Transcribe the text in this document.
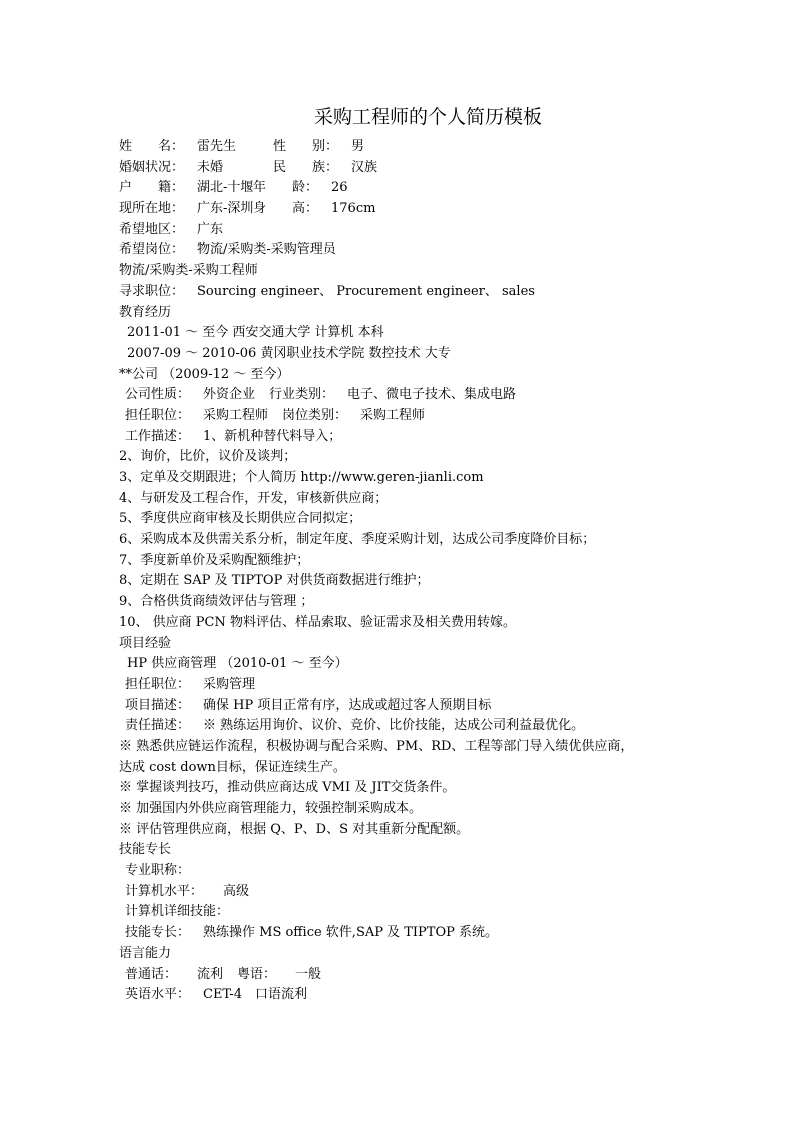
采购工程师的个人简历模板
姓　　名： 雷先生	性　　别： 男
婚姻状况： 未婚	民　　族： 汉族
户　　籍： 湖北-十堰年　　龄： 26
现所在地： 广东-深圳身　　高： 176cm
希望地区： 广东
希望岗位： 物流/采购类-采购管理员
物流/采购类-采购工程师
寻求职位： Sourcing engineer、 Procurement engineer、 sales
教育经历
2011-01 ～ 至今 西安交通大学 计算机 本科
2007-09 ～ 2010-06 黄冈职业技术学院 数控技术 大专
**公司 （2009-12 ～ 至今）
公司性质： 外资企业 行业类别： 电子、微电子技术、集成电路
担任职位： 采购工程师 岗位类别： 采购工程师
工作描述： 1、新机种替代料导入；
2、询价，比价，议价及谈判；
3、定单及交期跟进；个人简历 http://www.geren-jianli.com
4、与研发及工程合作，开发，审核新供应商；
5、季度供应商审核及长期供应合同拟定；
6、采购成本及供需关系分析，制定年度、季度采购计划，达成公司季度降价目标；
7、季度新单价及采购配额维护；
8、定期在 SAP 及 TIPTOP 对供货商数据进行维护；
9、合格供货商绩效评估与管理 ；
10、 供应商 PCN 物料评估、样品索取、验证需求及相关费用转嫁。
项目经验
HP 供应商管理 （2010-01 ～ 至今）
担任职位： 采购管理
项目描述： 确保 HP 项目正常有序，达成或超过客人预期目标
责任描述： ※ 熟练运用询价、议价、竞价、比价技能，达成公司利益最优化。
※ 熟悉供应链运作流程，积极协调与配合采购、PM、RD、工程等部门导入绩优供应商，
达成 cost down目标，保证连续生产。
※ 掌握谈判技巧，推动供应商达成 VMI 及 JIT交货条件。
※ 加强国内外供应商管理能力，较强控制采购成本。
※ 评估管理供应商，根据 Q、P、D、S 对其重新分配配额。
技能专长
专业职称：
计算机水平： 高级
计算机详细技能：
技能专长： 熟练操作 MS office 软件,SAP 及 TIPTOP 系统。
语言能力
普通话： 流利 粤语： 一般
英语水平： CET-4 口语流利
